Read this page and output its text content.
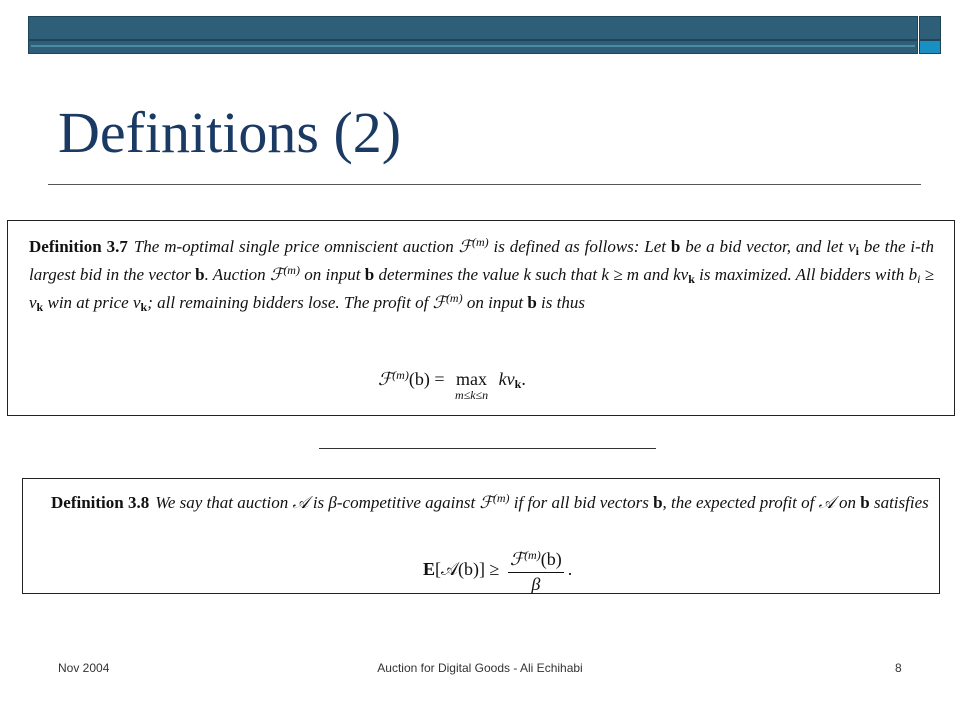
Definitions (2)
Definition 3.7 The m-optimal single price omniscient auction ℱ$^{(m)}$ is defined as follows: Let b be a bid vector, and let $v_i$ be the i-th largest bid in the vector b. Auction ℱ$^{(m)}$ on input b determines the value k such that k ≥ m and $kv_k$ is maximized. All bidders with $b_i \ge v_k$ win at price $v_k$; all remaining bidders lose. The profit of ℱ$^{(m)}$ on input b is thus
ℱ$^{(m)}$(b) = max
m≤k≤n
$kv_k$.
Definition 3.8 We say that auction 𝒜 is β-competitive against ℱ$^{(m)}$ if for all bid vectors b, the expected profit of 𝒜 on b satisfies
E[𝒜(b)] ≥ $\frac{ℱ^{(m)}(b)}{\beta}$ .
Nov 2004	Auction for Digital Goods - Ali Echihabi	8
